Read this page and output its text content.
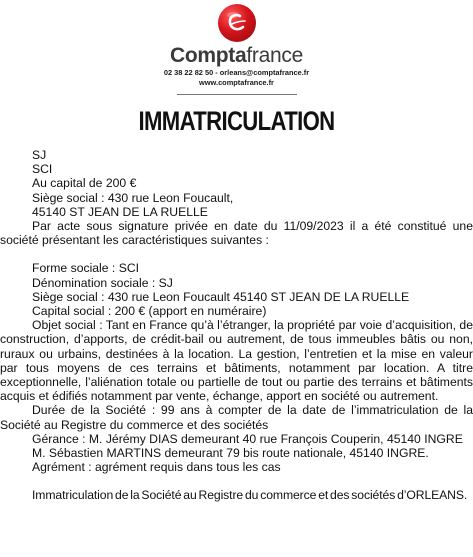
Comptafrance
02 38 22 82 50 - orleans@comptafrance.fr
www.comptafrance.fr
IMMATRICULATION
SJ
SCI
Au capital de 200 €
Siège social : 430 rue Leon Foucault,
45140 ST JEAN DE LA RUELLE
Par acte sous signature privée en date du 11/09/2023 il a été constitué une société présentant les caractéristiques suivantes :
Forme sociale : SCI
Dénomination sociale : SJ
Siège social : 430 rue Leon Foucault 45140 ST JEAN DE LA RUELLE
Capital social : 200 € (apport en numéraire)
Objet social : Tant en France qu’à l’étranger, la propriété par voie d’acquisition, de construction, d’apports, de crédit-bail ou autrement, de tous immeubles bâtis ou non, ruraux ou urbains, destinées à la location. La gestion, l’entretien et la mise en valeur par tous moyens de ces terrains et bâtiments, notamment par location. A titre exceptionnelle, l’aliénation totale ou partielle de tout ou partie des terrains et bâtiments acquis et édifiés notamment par vente, échange, apport en société ou autrement.
Durée de la Société : 99 ans à compter de la date de l’immatriculation de la Société au Registre du commerce et des sociétés
Gérance : M. Jérémy DIAS demeurant 40 rue François Couperin, 45140 INGRE
M. Sébastien MARTINS demeurant 79 bis route nationale, 45140 INGRE.
Agrément : agrément requis dans tous les cas
Immatriculation de la Société au Registre du commerce et des sociétés d’ORLEANS.
